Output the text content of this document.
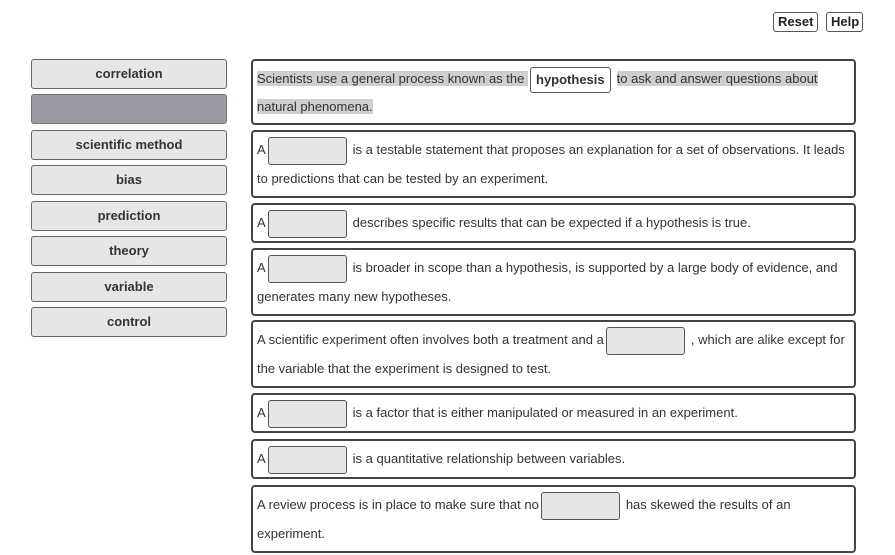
Reset	Help
correlation
scientific method
bias
prediction
theory
variable
control
Scientists use a general process known as the hypothesis to ask and answer questions about natural phenomena.
A	is a testable statement that proposes an explanation for a set of observations. It leads to predictions that can be tested by an experiment.
A	describes specific results that can be expected if a hypothesis is true.
A	is broader in scope than a hypothesis, is supported by a large body of evidence, and generates many new hypotheses.
A scientific experiment often involves both a treatment and a	, which are alike except for the variable that the experiment is designed to test.
A	is a factor that is either manipulated or measured in an experiment.
A	is a quantitative relationship between variables.
A review process is in place to make sure that no	has skewed the results of an experiment.
